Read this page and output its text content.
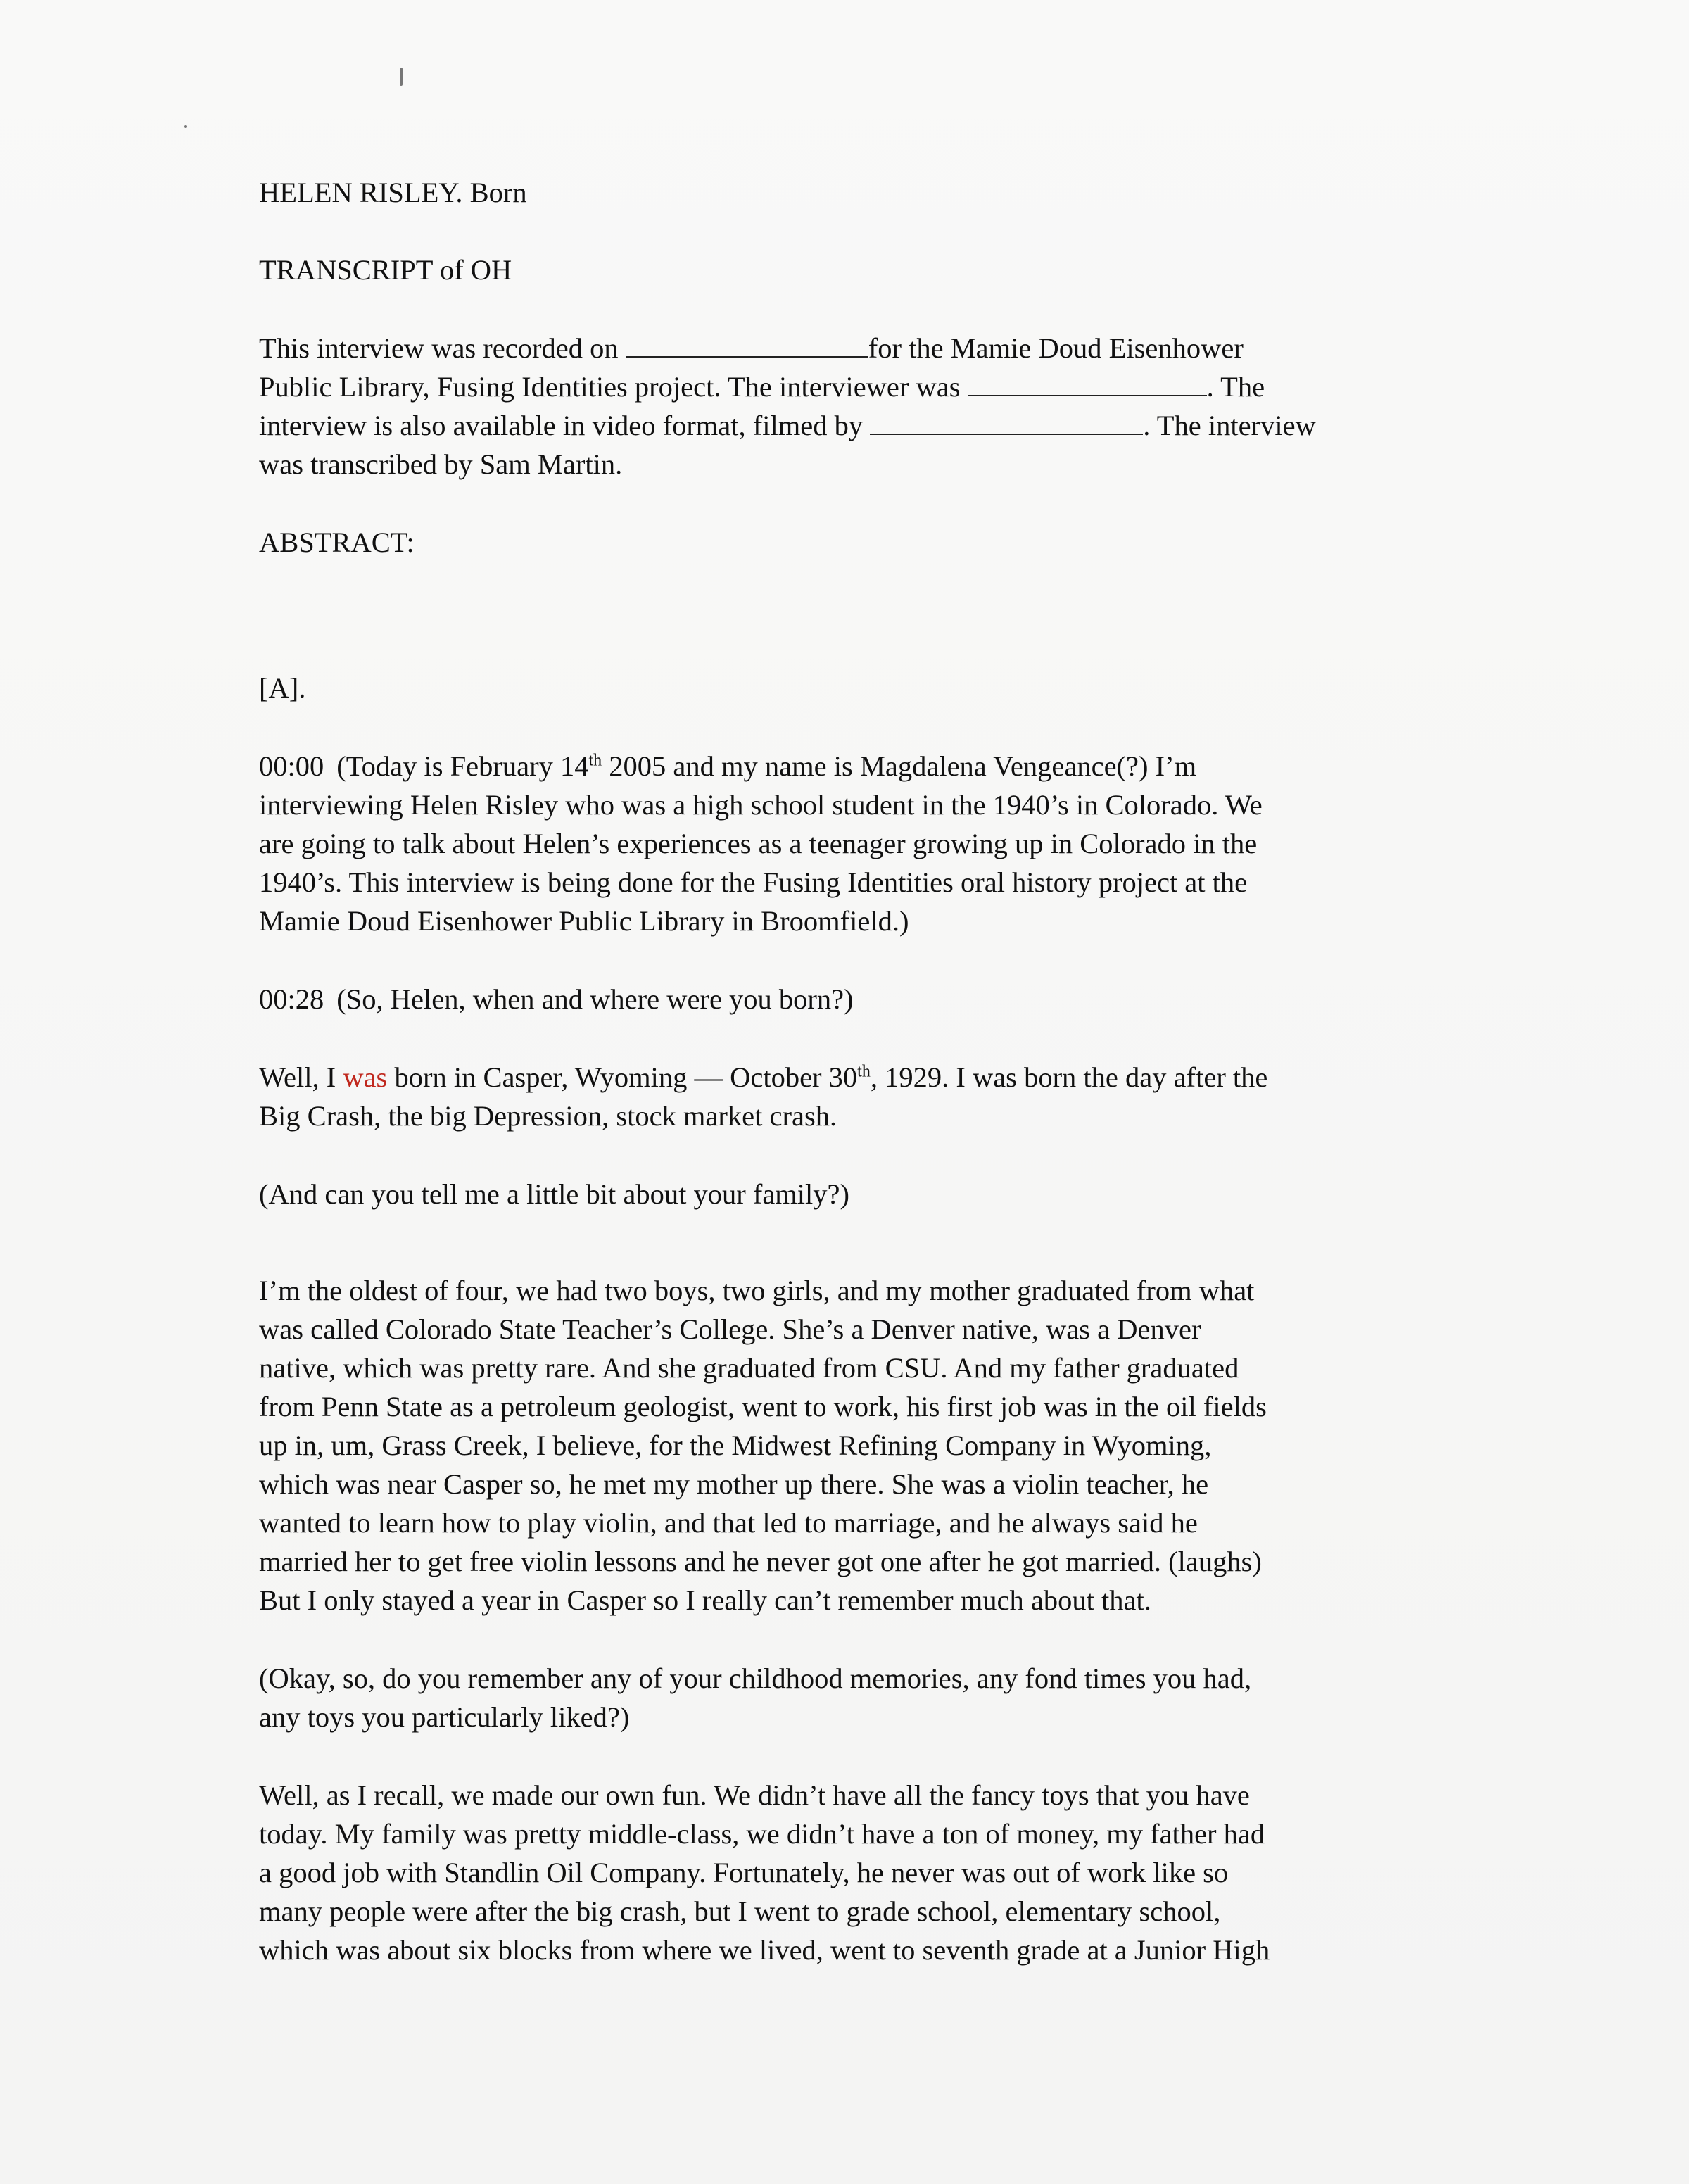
HELEN RISLEY. Born
TRANSCRIPT of OH
This interview was recorded on	for the Mamie Doud Eisenhower
Public Library, Fusing Identities project. The interviewer was	. The
interview is also available in video format, filmed by	. The interview
was transcribed by Sam Martin.
ABSTRACT:
[A].
00:00 (Today is February 14th 2005 and my name is Magdalena Vengeance(?) I’m
interviewing Helen Risley who was a high school student in the 1940’s in Colorado. We
are going to talk about Helen’s experiences as a teenager growing up in Colorado in the
1940’s. This interview is being done for the Fusing Identities oral history project at the
Mamie Doud Eisenhower Public Library in Broomfield.)
00:28 (So, Helen, when and where were you born?)
Well, I was born in Casper, Wyoming — October 30th, 1929. I was born the day after the
Big Crash, the big Depression, stock market crash.
(And can you tell me a little bit about your family?)
I’m the oldest of four, we had two boys, two girls, and my mother graduated from what
was called Colorado State Teacher’s College. She’s a Denver native, was a Denver
native, which was pretty rare. And she graduated from CSU. And my father graduated
from Penn State as a petroleum geologist, went to work, his first job was in the oil fields
up in, um, Grass Creek, I believe, for the Midwest Refining Company in Wyoming,
which was near Casper so, he met my mother up there. She was a violin teacher, he
wanted to learn how to play violin, and that led to marriage, and he always said he
married her to get free violin lessons and he never got one after he got married. (laughs)
But I only stayed a year in Casper so I really can’t remember much about that.
(Okay, so, do you remember any of your childhood memories, any fond times you had,
any toys you particularly liked?)
Well, as I recall, we made our own fun. We didn’t have all the fancy toys that you have
today. My family was pretty middle-class, we didn’t have a ton of money, my father had
a good job with Standlin Oil Company. Fortunately, he never was out of work like so
many people were after the big crash, but I went to grade school, elementary school,
which was about six blocks from where we lived, went to seventh grade at a Junior High
